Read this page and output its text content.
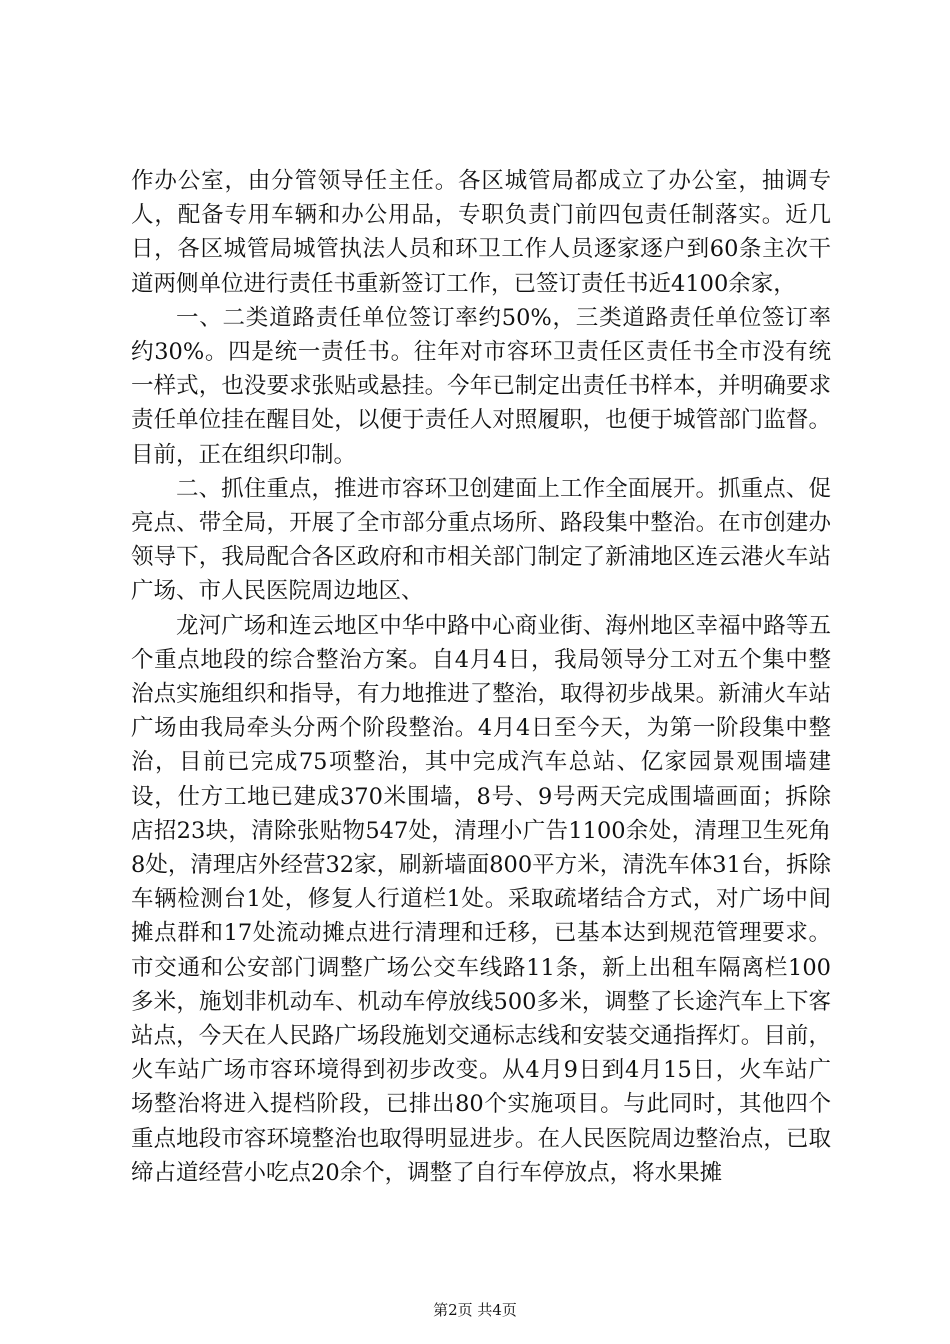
作办公室，由分管领导任主任。各区城管局都成立了办公室，抽调专人，配备专用车辆和办公用品，专职负责门前四包责任制落实。近几日，各区城管局城管执法人员和环卫工作人员逐家逐户到60条主次干道两侧单位进行责任书重新签订工作，已签订责任书近4100余家，

一、二类道路责任单位签订率约50%，三类道路责任单位签订率约30%。四是统一责任书。往年对市容环卫责任区责任书全市没有统一样式，也没要求张贴或悬挂。今年已制定出责任书样本，并明确要求责任单位挂在醒目处，以便于责任人对照履职，也便于城管部门监督。目前，正在组织印制。

二、抓住重点，推进市容环卫创建面上工作全面展开。抓重点、促亮点、带全局，开展了全市部分重点场所、路段集中整治。在市创建办领导下，我局配合各区政府和市相关部门制定了新浦地区连云港火车站广场、市人民医院周边地区、

龙河广场和连云地区中华中路中心商业街、海州地区幸福中路等五个重点地段的综合整治方案。自4月4日，我局领导分工对五个集中整治点实施组织和指导，有力地推进了整治，取得初步战果。新浦火车站广场由我局牵头分两个阶段整治。4月4日至今天，为第一阶段集中整治，目前已完成75项整治，其中完成汽车总站、亿家园景观围墙建设，仕方工地已建成370米围墙，8号、9号两天完成围墙画面；拆除店招23块，清除张贴物547处，清理小广告1100余处，清理卫生死角8处，清理店外经营32家，刷新墙面800平方米，清洗车体31台，拆除车辆检测台1处，修复人行道栏1处。采取疏堵结合方式，对广场中间摊点群和17处流动摊点进行清理和迁移，已基本达到规范管理要求。市交通和公安部门调整广场公交车线路11条，新上出租车隔离栏100多米，施划非机动车、机动车停放线500多米，调整了长途汽车上下客站点，今天在人民路广场段施划交通标志线和安装交通指挥灯。目前，火车站广场市容环境得到初步改变。从4月9日到4月15日，火车站广场整治将进入提档阶段，已排出80个实施项目。与此同时，其他四个重点地段市容环境整治也取得明显进步。在人民医院周边整治点，已取缔占道经营小吃点20余个，调整了自行车停放点，将水果摊

第2页 共4页
